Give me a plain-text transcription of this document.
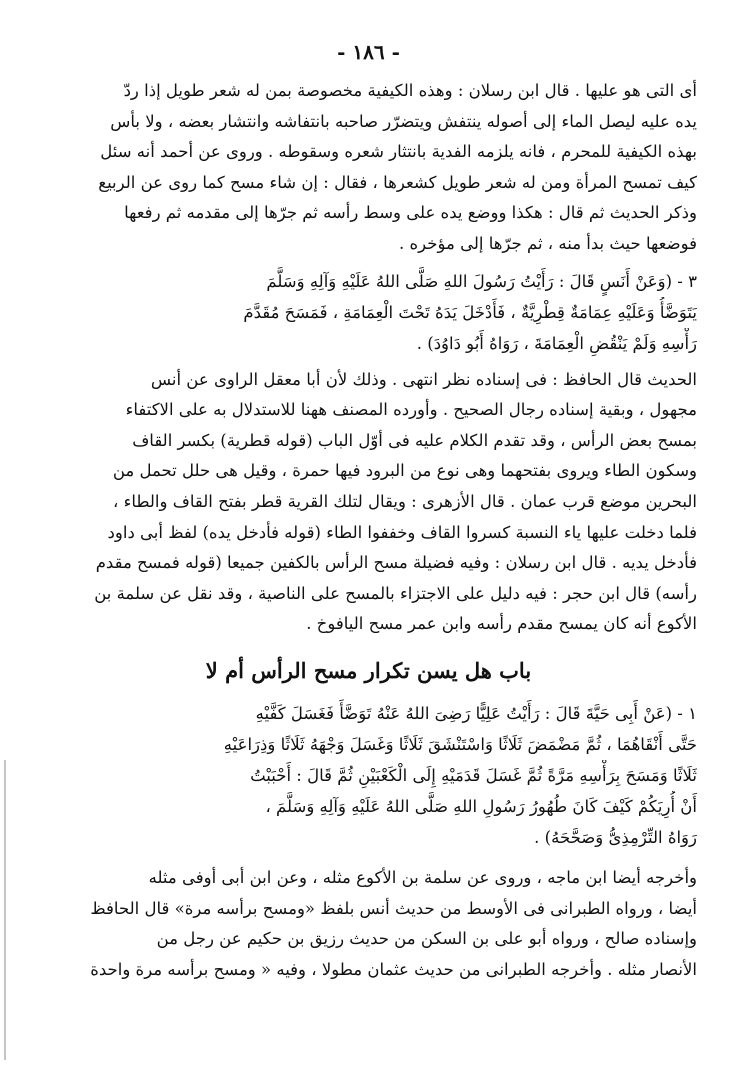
- ١٨٦ -
أى التى هو عليها . قال ابن رسلان : وهذه الكيفية مخصوصة بمن له شعر طويل إذا ردّ
يده عليه ليصل الماء إلى أصوله ينتفش ويتضرّر صاحبه بانتفاشه وانتشار بعضه ، ولا بأس
بهذه الكيفية للمحرم ، فانه يلزمه الفدية بانتثار شعره وسقوطه . وروى عن أحمد أنه سئل
كيف تمسح المرأة ومن له شعر طويل كشعرها ، فقال : إن شاء مسح كما روى عن الربيع
وذكر الحديث ثم قال : هكذا ووضع يده على وسط رأسه ثم جرّها إلى مقدمه ثم رفعها
فوضعها حيث بدأ منه ، ثم جرّها إلى مؤخره .
٣ - (وَعَنْ أَنَسٍ قَالَ : رَأَيْتُ رَسُولَ اللهِ صَلَّى اللهُ عَلَيْهِ وَآلِهِ وَسَلَّمَ
يَتَوَضَّأُ وَعَلَيْهِ عِمَامَةٌ قِطْرِيَّةٌ ، فَأَدْخَلَ يَدَهُ تَحْتَ الْعِمَامَةِ ، فَمَسَحَ مُقَدَّمَ
رَأْسِهِ وَلَمْ يَنْقُضِ الْعِمَامَةَ ، رَوَاهُ أَبُو دَاوُدَ) .
الحديث قال الحافظ : فى إسناده نظر انتهى . وذلك لأن أبا معقل الراوى عن أنس
مجهول ، وبقية إسناده رجال الصحيح . وأورده المصنف ههنا للاستدلال به على الاكتفاء
بمسح بعض الرأس ، وقد تقدم الكلام عليه فى أوّل الباب (قوله قطرية) بكسر القاف
وسكون الطاء ويروى بفتحهما وهى نوع من البرود فيها حمرة ، وقيل هى حلل تحمل من
البحرين موضع قرب عمان . قال الأزهرى : ويقال لتلك القرية قطر بفتح القاف والطاء ،
فلما دخلت عليها ياء النسبة كسروا القاف وخففوا الطاء (قوله فأدخل يده) لفظ أبى داود
فأدخل يديه . قال ابن رسلان : وفيه فضيلة مسح الرأس بالكفين جميعا (قوله فمسح مقدم
رأسه) قال ابن حجر : فيه دليل على الاجتزاء بالمسح على الناصية ، وقد نقل عن سلمة بن
الأكوع أنه كان يمسح مقدم رأسه وابن عمر مسح اليافوخ .
باب هل يسن تكرار مسح الرأس أم لا
١ - (عَنْ أَبِى حَيَّةَ قَالَ : رَأَيْتُ عَلِيًّا رَضِىَ اللهُ عَنْهُ تَوَضَّأَ فَغَسَلَ كَفَّيْهِ
حَتَّى أَنْقَاهُمَا ، ثُمَّ مَضْمَضَ ثَلَاثًا وَاسْتَنْشَقَ ثَلَاثًا وَغَسَلَ وَجْهَهُ ثَلَاثًا وَذِرَاعَيْهِ
ثَلَاثًا وَمَسَحَ بِرَأْسِهِ مَرَّةً ثُمَّ غَسَلَ قَدَمَيْهِ إِلَى الْكَعْبَيْنِ ثُمَّ قَالَ : أَحْبَبْتُ
أَنْ أُرِيَكُمْ كَيْفَ كَانَ طُهُورُ رَسُولِ اللهِ صَلَّى اللهُ عَلَيْهِ وَآلِهِ وَسَلَّمَ ،
رَوَاهُ التِّرْمِذِىُّ وَصَحَّحَهُ) .
وأخرجه أيضا ابن ماجه ، وروى عن سلمة بن الأكوع مثله ، وعن ابن أبى أوفى مثله
أيضا ، ورواه الطبرانى فى الأوسط من حديث أنس بلفظ «ومسح برأسه مرة» قال الحافظ
وإسناده صالح ، ورواه أبو على بن السكن من حديث رزيق بن حكيم عن رجل من
الأنصار مثله . وأخرجه الطبرانى من حديث عثمان مطولا ، وفيه « ومسح برأسه مرة واحدة
